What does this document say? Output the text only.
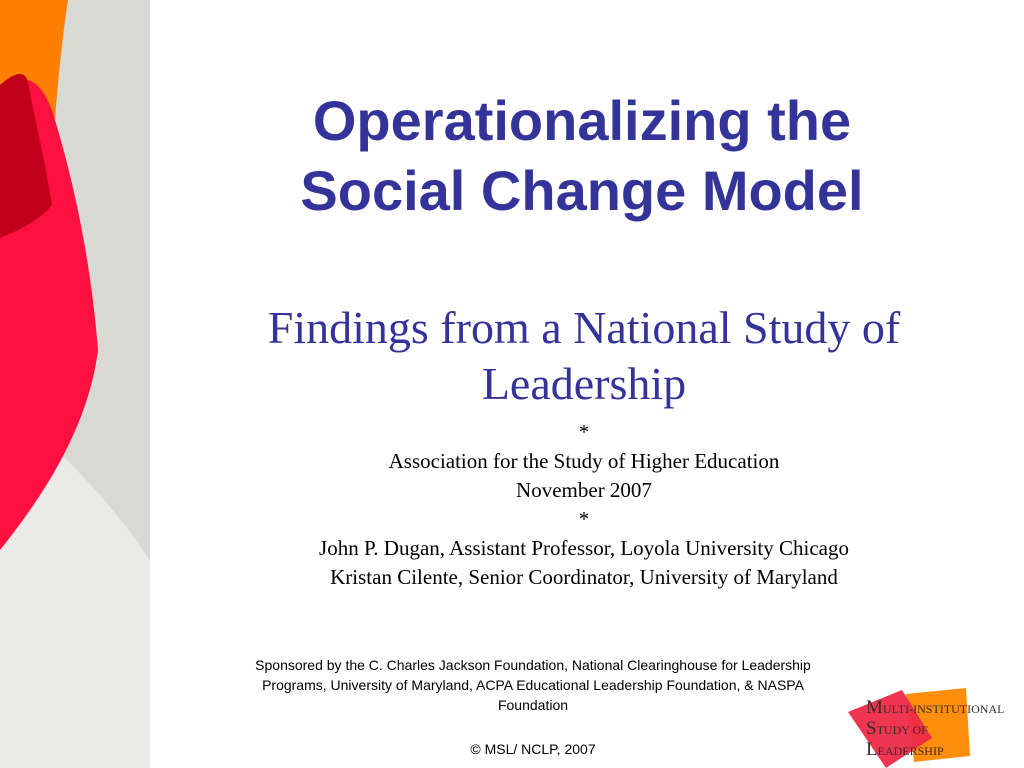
Operationalizing the
Social Change Model
Findings from a National Study of Leadership
*
Association for the Study of Higher Education
November 2007
*
John P. Dugan, Assistant Professor, Loyola University Chicago
Kristan Cilente, Senior Coordinator, University of Maryland
Sponsored by the C. Charles Jackson Foundation, National Clearinghouse for Leadership Programs, University of Maryland, ACPA Educational Leadership Foundation, & NASPA Foundation
© MSL/ NCLP, 2007
MULTI-INSTITUTIONAL
STUDY OF
LEADERSHIP
